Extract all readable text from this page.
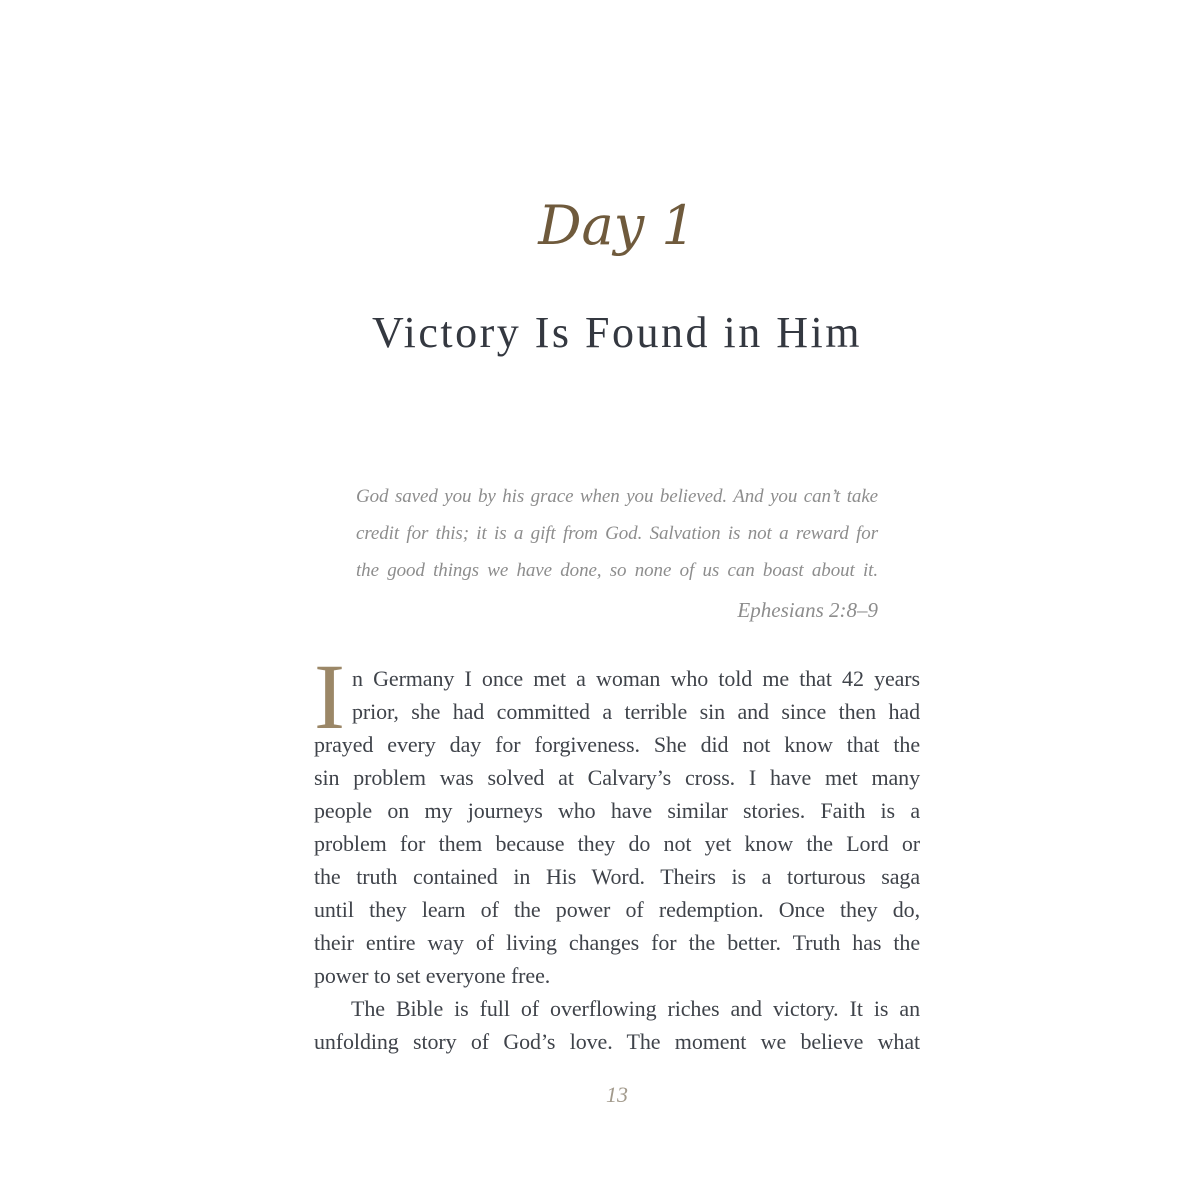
Day 1
Victory Is Found in Him
God saved you by his grace when you believed. And you can’t take
credit for this; it is a gift from God. Salvation is not a reward for
the good things we have done, so none of us can boast about it.
Ephesians 2:8–9
I n Germany I once met a woman who told me that 42 years
prior, she had committed a terrible sin and since then had
prayed every day for forgiveness. She did not know that the
sin problem was solved at Calvary’s cross. I have met many
people on my journeys who have similar stories. Faith is a
problem for them because they do not yet know the Lord or
the truth contained in His Word. Theirs is a torturous saga
until they learn of the power of redemption. Once they do,
their entire way of living changes for the better. Truth has the
power to set everyone free.
The Bible is full of overflowing riches and victory. It is an
unfolding story of God’s love. The moment we believe what
13
